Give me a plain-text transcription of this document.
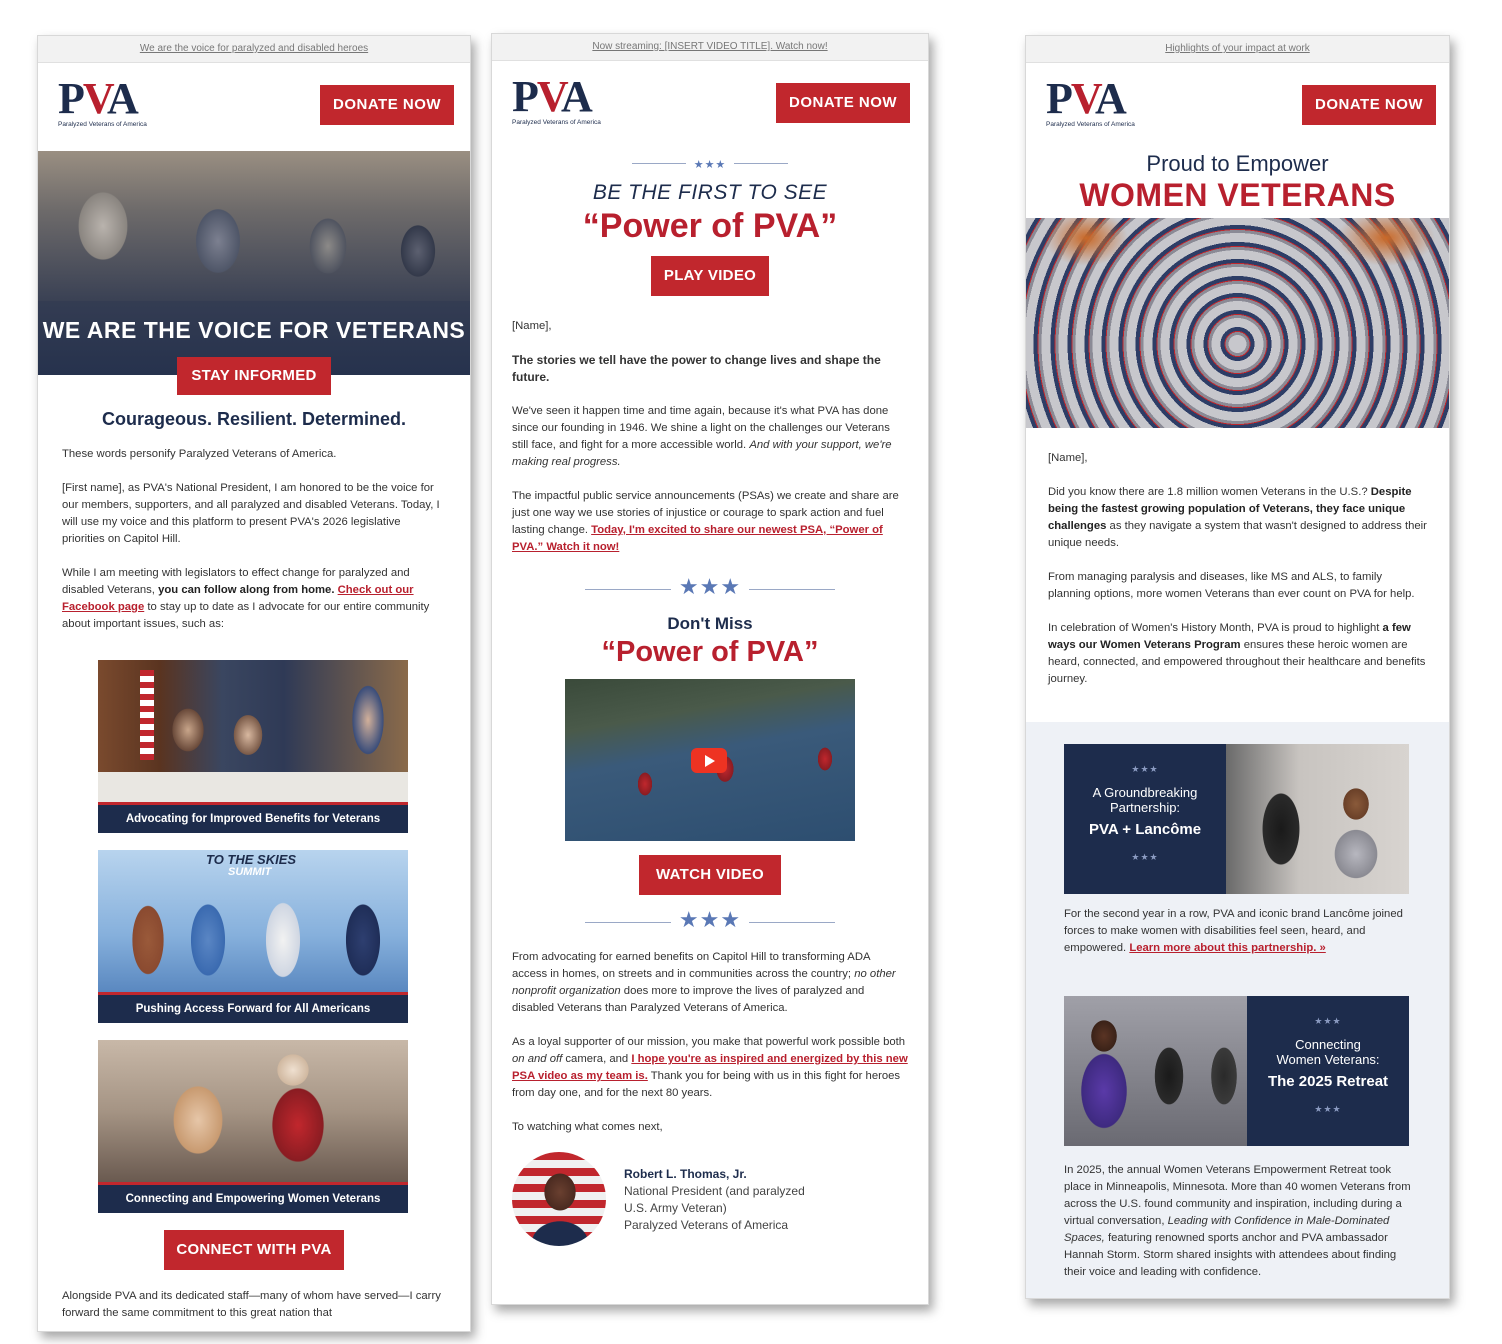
We are the voice for paralyzed and disabled heroes
PVA
Paralyzed Veterans of America
DONATE NOW
WE ARE THE VOICE FOR VETERANS
STAY INFORMED
Courageous. Resilient. Determined.

These words personify Paralyzed Veterans of America.

[First name], as PVA's National President, I am honored to be the voice for our members, supporters, and all paralyzed and disabled Veterans. Today, I will use my voice and this platform to present PVA's 2026 legislative priorities on Capitol Hill.

While I am meeting with legislators to effect change for paralyzed and disabled Veterans, you can follow along from home. Check out our Facebook page to stay up to date as I advocate for our entire community about important issues, such as:

Advocating for Improved Benefits for Veterans
TO THE SKIES
SUMMIT
Pushing Access Forward for All Americans
Connecting and Empowering Women Veterans
CONNECT WITH PVA

Alongside PVA and its dedicated staff—many of whom have served—I carry forward the same commitment to this great nation that

Now streaming: [INSERT VIDEO TITLE]. Watch now!
PVA
Paralyzed Veterans of America
DONATE NOW
★★★
BE THE FIRST TO SEE
“Power of PVA”
PLAY VIDEO

[Name],

The stories we tell have the power to change lives and shape the future.

We've seen it happen time and time again, because it's what PVA has done since our founding in 1946. We shine a light on the challenges our Veterans still face, and fight for a more accessible world. And with your support, we're making real progress.

The impactful public service announcements (PSAs) we create and share are just one way we use stories of injustice or courage to spark action and fuel lasting change. Today, I'm excited to share our newest PSA, “Power of PVA.” Watch it now!

★★★
Don't Miss
“Power of PVA”
WATCH VIDEO
★★★

From advocating for earned benefits on Capitol Hill to transforming ADA access in homes, on streets and in communities across the country; no other nonprofit organization does more to improve the lives of paralyzed and disabled Veterans than Paralyzed Veterans of America.

As a loyal supporter of our mission, you make that powerful work possible both on and off camera, and I hope you're as inspired and energized by this new PSA video as my team is. Thank you for being with us in this fight for heroes from day one, and for the next 80 years.

To watching what comes next,

Robert L. Thomas, Jr.
National President (and paralyzed
U.S. Army Veteran)
Paralyzed Veterans of America
Highlights of your impact at work
PVA
Paralyzed Veterans of America
DONATE NOW
Proud to Empower
WOMEN VETERANS

[Name],

Did you know there are 1.8 million women Veterans in the U.S.? Despite being the fastest growing population of Veterans, they face unique challenges as they navigate a system that wasn't designed to address their unique needs.

From managing paralysis and diseases, like MS and ALS, to family planning options, more women Veterans than ever count on PVA for help.

In celebration of Women's History Month, PVA is proud to highlight a few ways our Women Veterans Program ensures these heroic women are heard, connected, and empowered throughout their healthcare and benefits journey.

★★★
A Groundbreaking
Partnership:
PVA + Lancôme
★★★

For the second year in a row, PVA and iconic brand Lancôme joined forces to make women with disabilities feel seen, heard, and empowered. Learn more about this partnership. »

★★★
Connecting
Women Veterans:
The 2025 Retreat
★★★

In 2025, the annual Women Veterans Empowerment Retreat took place in Minneapolis, Minnesota. More than 40 women Veterans from across the U.S. found community and inspiration, including during a virtual conversation, Leading with Confidence in Male-Dominated Spaces, featuring renowned sports anchor and PVA ambassador Hannah Storm. Storm shared insights with attendees about finding their voice and leading with confidence.
